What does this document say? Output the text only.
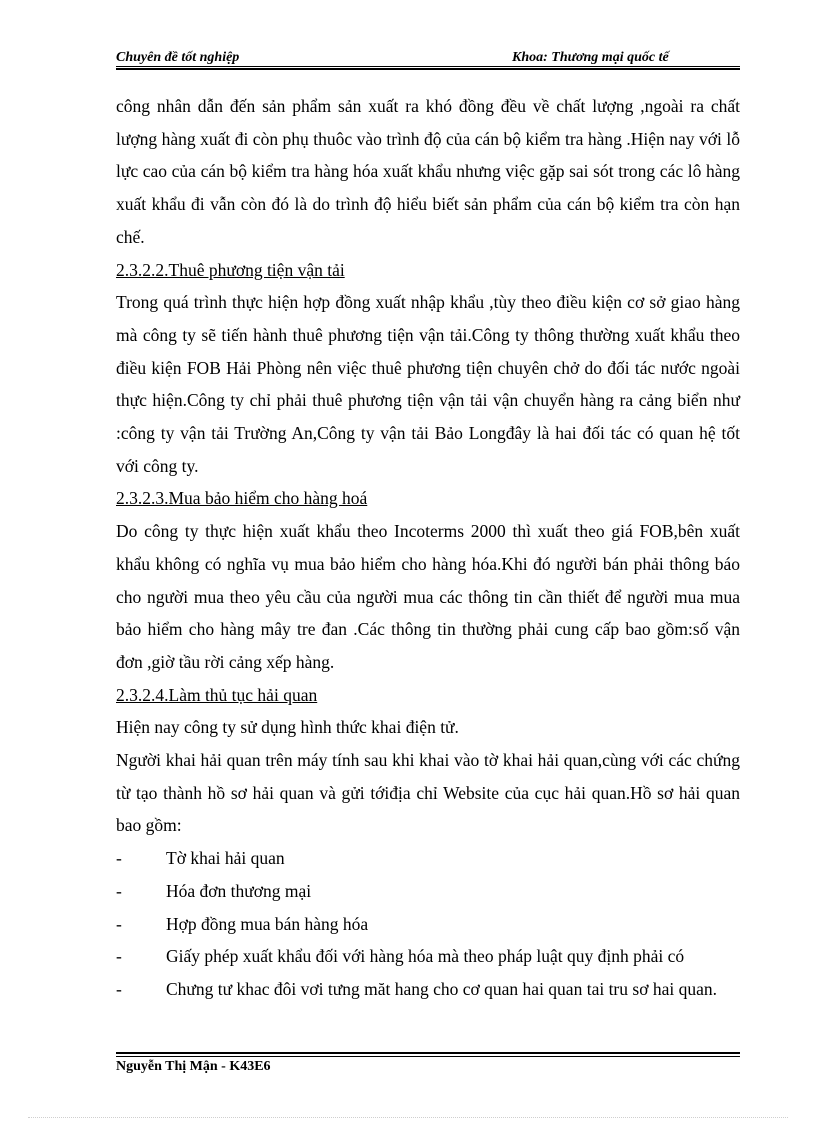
Chuyên đề tốt nghiệp	Khoa: Thương mại quốc tế

công nhân dẫn đến sản phẩm sản xuất ra khó đồng đều về chất lượng ,ngoài ra chất lượng hàng xuất đi còn phụ thuôc vào trình độ của cán bộ kiểm tra hàng .Hiện nay với lỗ lực cao của cán bộ kiểm tra hàng hóa xuất khẩu nhưng việc gặp sai sót trong các lô hàng xuất khẩu đi vẫn còn đó là do trình độ hiểu biết sản phẩm của cán bộ kiểm tra còn hạn chế.

2.3.2.2.Thuê phương tiện vận tải

Trong quá trình thực hiện hợp đồng xuất nhập khẩu ,tùy theo điều kiện cơ sở giao hàng mà công ty sẽ tiến hành thuê phương tiện vận tải.Công ty thông thường xuất khẩu theo điều kiện FOB Hải Phòng nên việc thuê phương tiện chuyên chở do đối tác nước ngoài thực hiện.Công ty chỉ phải thuê phương tiện vận tải vận chuyển hàng ra cảng biển như :công ty vận tải Trường An,Công ty vận tải Bảo Longđây là hai đối tác có quan hệ tốt với công ty.

2.3.2.3.Mua bảo hiểm cho hàng hoá

Do công ty thực hiện xuất khẩu theo Incoterms 2000 thì xuất theo giá FOB,bên xuất khẩu không có nghĩa vụ mua bảo hiểm cho hàng hóa.Khi đó người bán phải thông báo cho người mua theo yêu cầu của người mua các thông tin cần thiết để người mua mua bảo hiểm cho hàng mây tre đan .Các thông tin thường phải cung cấp bao gồm:số vận đơn ,giờ tầu rời cảng xếp hàng.

2.3.2.4.Làm thủ tục hải quan

Hiện nay công ty sử dụng hình thức khai điện tử.

Người khai hải quan trên máy tính sau khi khai vào tờ khai hải quan,cùng với các chứng từ tạo thành hồ sơ hải quan và gửi tớiđịa chỉ Website của cục hải quan.Hồ sơ hải quan bao gồm:

-	Tờ khai hải quan
-	Hóa đơn thương mại
-	Hợp đồng mua bán hàng hóa
-	Giấy phép xuất khẩu đối với hàng hóa mà theo pháp luật quy định phải có
-	Chưng tư khac đôi vơi tưng măt hang cho cơ quan hai quan tai tru sơ hai quan.
Nguyễn Thị Mận - K43E6
